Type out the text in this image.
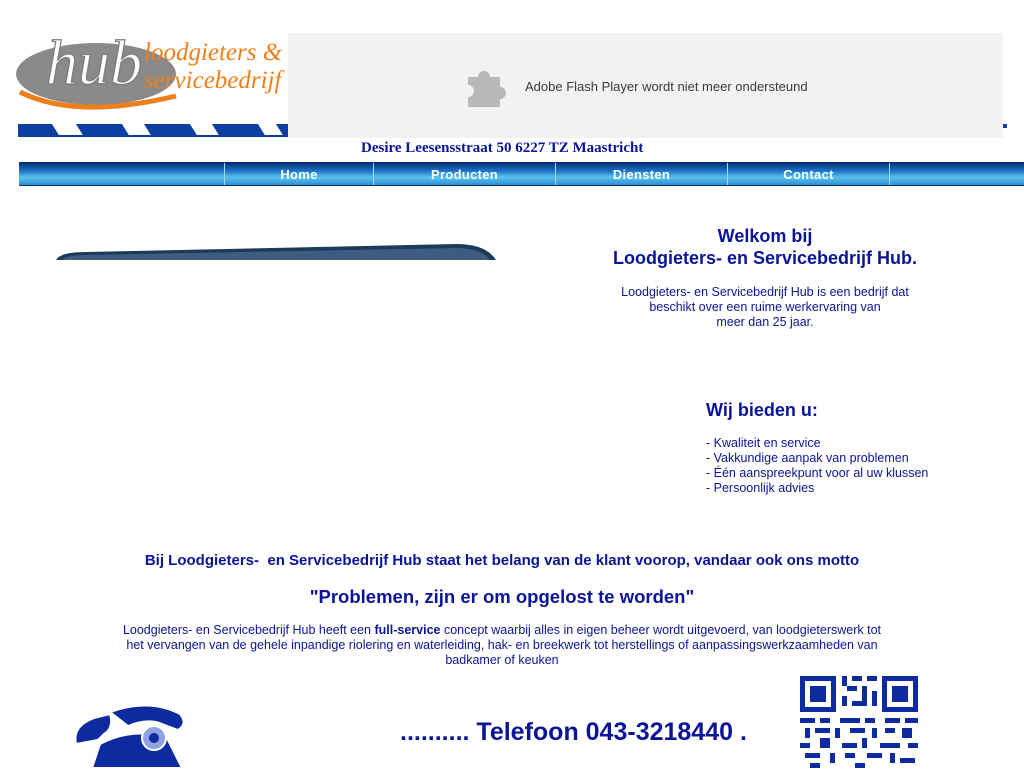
hub loodgieters &
servicebedrijf	Adobe Flash Player wordt niet meer ondersteund
Desire Leesensstraat 50 6227 TZ Maastricht
Home	Producten	Diensten	Contact
Welkom bij
Loodgieters- en Servicebedrijf Hub.
Loodgieters- en Servicebedrijf Hub is een bedrijf dat
beschikt over een ruime werkervaring van
meer dan 25 jaar.
Wij bieden u:
- Kwaliteit en service
- Vakkundige aanpak van problemen
- Één aanspreekpunt voor al uw klussen
- Persoonlijk advies
Bij Loodgieters-  en Servicebedrijf Hub staat het belang van de klant voorop, vandaar ook ons motto
"Problemen, zijn er om opgelost te worden"
Loodgieters- en Servicebedrijf Hub heeft een full-service concept waarbij alles in eigen beheer wordt uitgevoerd, van loodgieterswerk tot
het vervangen van de gehele inpandige riolering en waterleiding, hak- en breekwerk tot herstellings of aanpassingswerkzaamheden van
badkamer of keuken
.......... Telefoon 043-3218440 .
